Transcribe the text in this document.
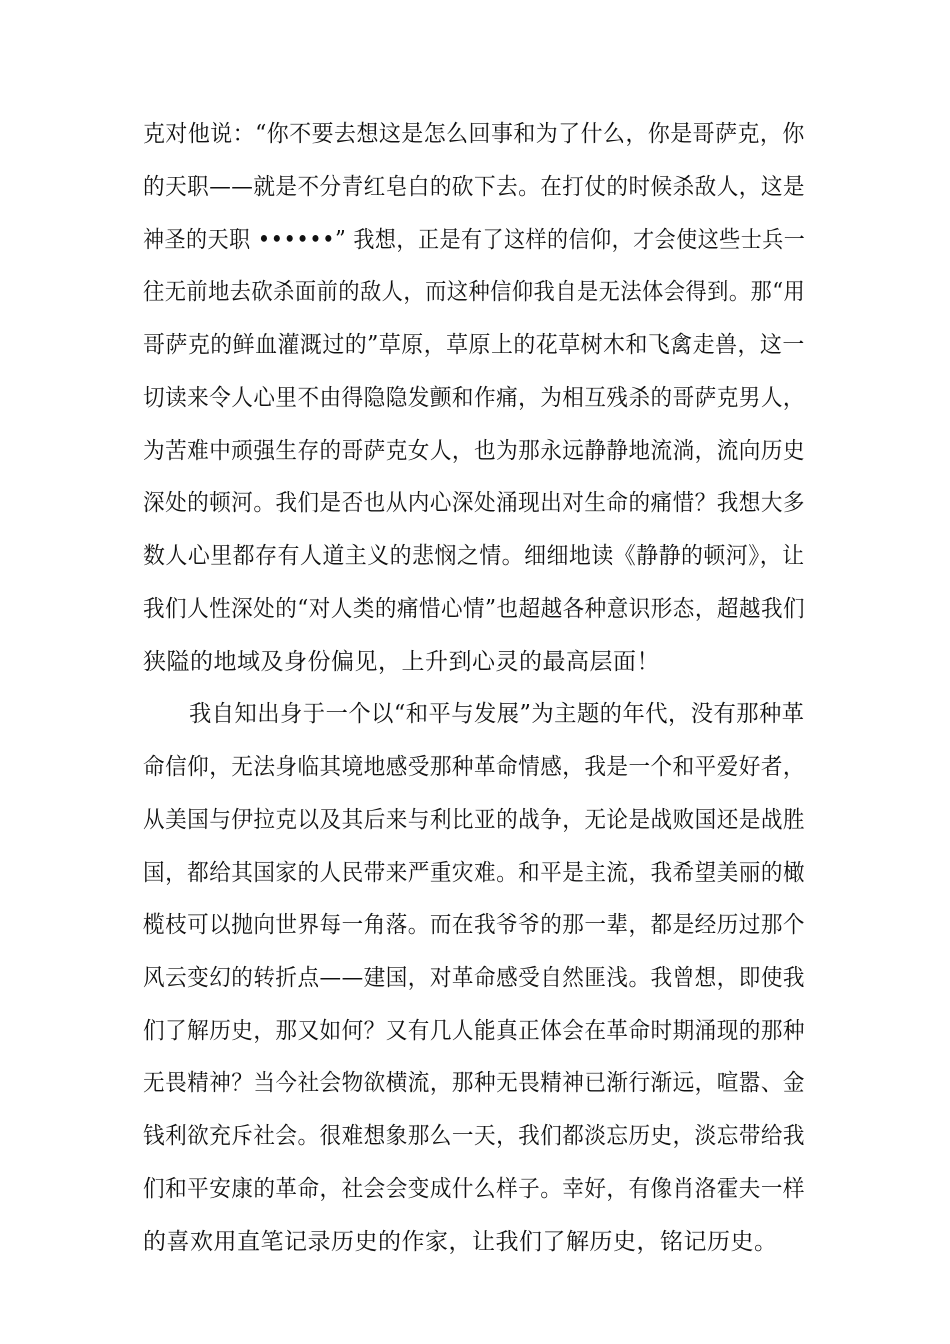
克对他说：“你不要去想这是怎么回事和为了什么，你是哥萨克，你
的天职——就是不分青红皂白的砍下去。在打仗的时候杀敌人，这是
神圣的天职 ••••••” 我想，正是有了这样的信仰，才会使这些士兵一
往无前地去砍杀面前的敌人，而这种信仰我自是无法体会得到。那“用
哥萨克的鲜血灌溉过的”草原，草原上的花草树木和飞禽走兽，这一
切读来令人心里不由得隐隐发颤和作痛，为相互残杀的哥萨克男人，
为苦难中顽强生存的哥萨克女人，也为那永远静静地流淌，流向历史
深处的顿河。我们是否也从内心深处涌现出对生命的痛惜？我想大多
数人心里都存有人道主义的悲悯之情。细细地读《静静的顿河》，让
我们人性深处的“对人类的痛惜心情”也超越各种意识形态，超越我们
狭隘的地域及身份偏见，上升到心灵的最高层面！
我自知出身于一个以“和平与发展”为主题的年代，没有那种革
命信仰，无法身临其境地感受那种革命情感，我是一个和平爱好者，
从美国与伊拉克以及其后来与利比亚的战争，无论是战败国还是战胜
国，都给其国家的人民带来严重灾难。和平是主流，我希望美丽的橄
榄枝可以抛向世界每一角落。而在我爷爷的那一辈，都是经历过那个
风云变幻的转折点——建国，对革命感受自然匪浅。我曾想，即使我
们了解历史，那又如何？又有几人能真正体会在革命时期涌现的那种
无畏精神？当今社会物欲横流，那种无畏精神已渐行渐远，喧嚣、金
钱利欲充斥社会。很难想象那么一天，我们都淡忘历史，淡忘带给我
们和平安康的革命，社会会变成什么样子。幸好，有像肖洛霍夫一样
的喜欢用直笔记录历史的作家，让我们了解历史，铭记历史。
